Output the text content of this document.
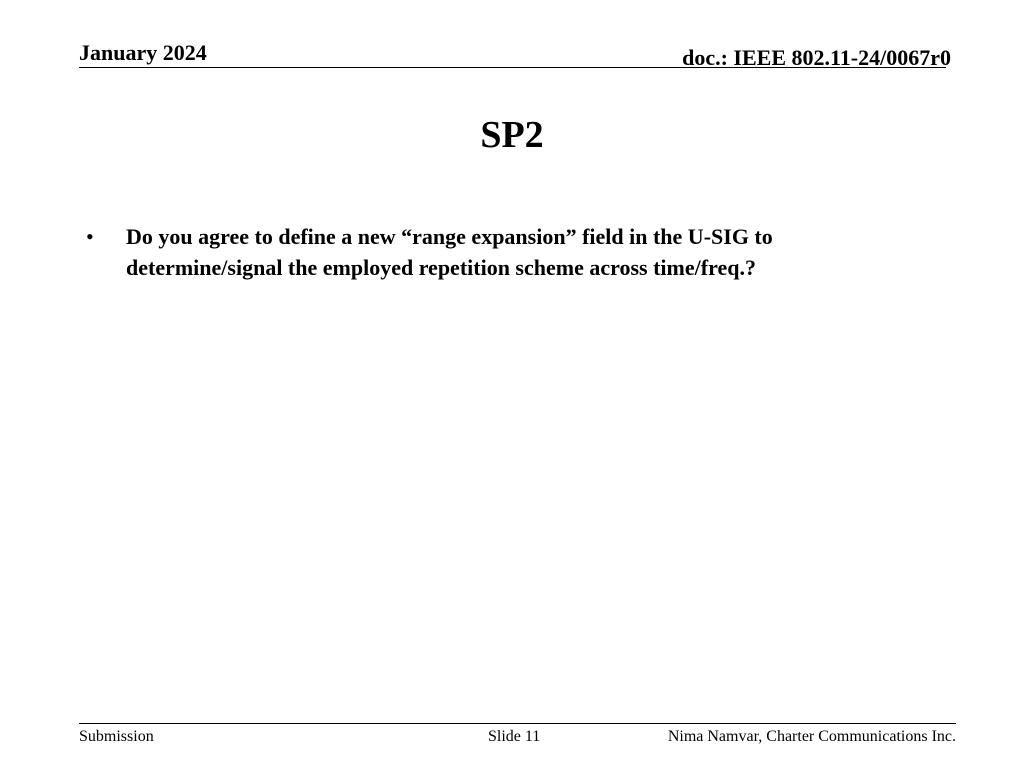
January 2024	doc.: IEEE 802.11-24/0067r0
SP2
• Do you agree to define a new “range expansion” field in the U-SIG to determine/signal the employed repetition scheme across time/freq.?
Submission	Slide 11	Nima Namvar, Charter Communications Inc.
